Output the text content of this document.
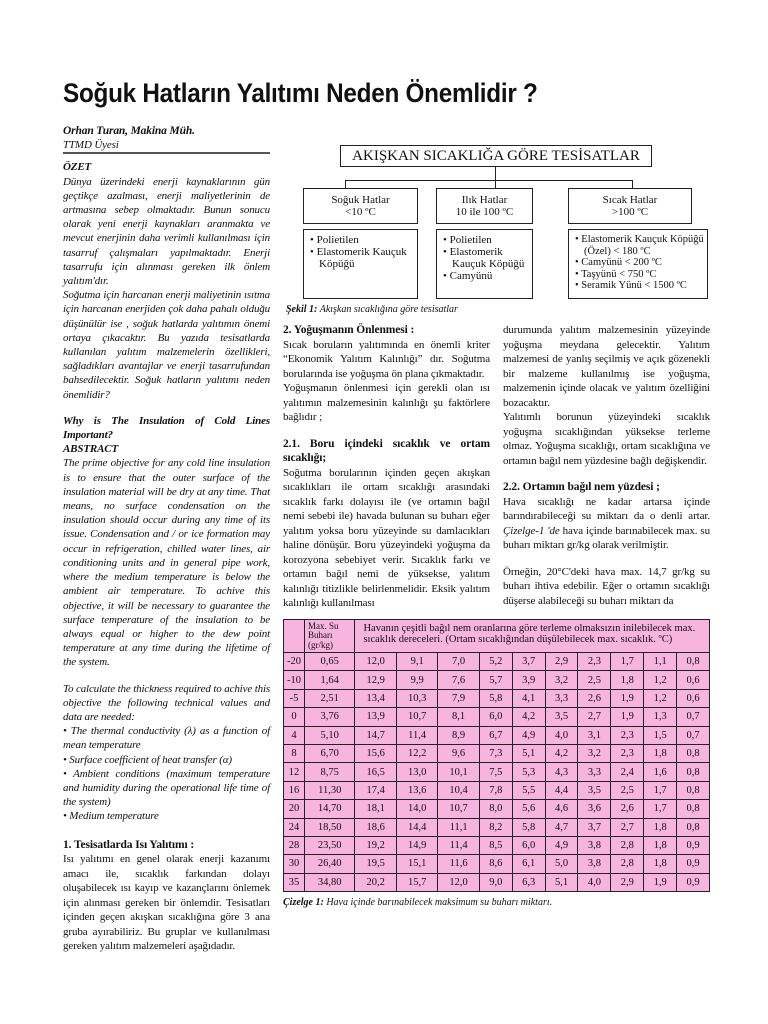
Soğuk Hatların Yalıtımı Neden Önemlidir ?

Orhan Turan, Makina Müh.

TTMD Üyesi

ÖZET

Dünya üzerindeki enerji kaynaklarının gün geçtikçe azalması, enerji maliyetlerinin de artmasına sebep olmaktadır. Bunun sonucu olarak yeni enerji kaynakları aranmakta ve mevcut enerjinin daha verimli kullanılması için tasarruf çalışmaları yapılmaktadır. Enerji tasarrufu için alınması gereken ilk önlem yalıtım'dır.

Soğutma için harcanan enerji maliyetinin ısıtma için harcanan enerjiden çok daha pahalı olduğu düşünülür ise , soğuk hatlarda yalıtımın önemi ortaya çıkacaktır. Bu yazıda tesisatlarda kullanılan yalıtım malzemelerin özellikleri, sağladıkları avantajlar ve enerji tasarrufundan bahsedilecektir. Soğuk hatların yalıtımı neden önemlidir?

Why is The Insulation of Cold Lines Important?

ABSTRACT

The prime objective for any cold line insulation is to ensure that the outer surface of the insulation material will be dry at any time. That means, no surface condensation on the insulation should occur during any time of its issue. Condensation and / or ice formation may occur in refrigeration, chilled water lines, air conditioning units and in general pipe work, where the medium temperature is below the ambient air temperature. To achive this objective, it will be necessary to guarantee the surface temperature of the insulation to be always equal or higher to the dew point temperature at any time during the lifetime of the system.

To calculate the thickness required to achive this objective the following technical values and data are needed:

• The thermal conductivity (λ) as a function of mean temperature

• Surface coefficient of heat transfer (α)

• Ambient conditions (maximum temperature and humidity during the operational life time of the system)

• Medium temperature

1. Tesisatlarda Isı Yalıtımı :

Isı yalıtımı en genel olarak enerji kazanımı amacı ile, sıcaklık farkından dolayı oluşabilecek ısı kayıp ve kazançlarını önlemek için alınması gereken bir önlemdir. Tesisatları içinden geçen akışkan sıcaklığına göre 3 ana gruba ayırabiliriz. Bu gruplar ve kullanılması gereken yalıtım malzemeleri aşağıdadır.

AKIŞKAN SICAKLIĞA GÖRE TESİSATLAR
Soğuk Hatlar
<10 ºC
Ilık Hatlar
10 ile 100 ºC
Sıcak Hatlar
>100 ºC
• Polietilen
• Elastomerik Kauçuk Köpüğü
• Polietilen
• Elastomerik Kauçuk Köpüğü
• Camyünü
• Elastomerik Kauçuk Köpüğü (Özel) < 180 ºC
• Camyünü < 200 ºC
• Taşyünü < 750 ºC
• Seramik Yünü < 1500 ºC
Şekil 1: Akışkan sıcaklığına göre tesisatlar
2. Yoğuşmanın Önlenmesi :

Sıcak boruların yalıtımında en önemli kriter “Ekonomik Yalıtım Kalınlığı” dır. Soğutma borularında ise yoğuşma ön plana çıkmaktadır.

Yoğuşmanın önlenmesi için gerekli olan ısı yalıtımın malzemesinin kalınlığı şu faktörlere bağlıdır ;

2.1. Boru içindeki sıcaklık ve ortam sıcaklığı;

Soğutma borularının içinden geçen akışkan sıcaklıkları ile ortam sıcaklığı arasındaki sıcaklık farkı dolayısı ile (ve ortamın bağıl nemi sebebi ile) havada bulunan su buharı eğer yalıtım yoksa boru yüzeyinde su damlacıkları haline dönüşür. Boru yüzeyindeki yoğuşma da korozyona sebebiyet verir. Sıcaklık farkı ve ortamın bağıl nemi de yüksekse, yalıtım kalınlığı titizlikle belirlenmelidir. Eksik yalıtım kalınlığı kullanılması

durumunda yalıtım malzemesinin yüzeyinde yoğuşma meydana gelecektir. Yalıtım malzemesi de yanlış seçilmiş ve açık gözenekli bir malzeme kullanılmış ise yoğuşma, malzemenin içinde olacak ve yalıtım özelliğini bozacaktır.

Yalıtımlı borunun yüzeyindeki sıcaklık yoğuşma sıcaklığından yüksekse terleme olmaz. Yoğuşma sıcaklığı, ortam sıcaklığına ve ortamın bağıl nem yüzdesine bağlı değişkendir.

2.2. Ortamın bağıl nem yüzdesi ;

Hava sıcaklığı ne kadar artarsa içinde barındırabileceği su miktarı da o denli artar. Çizelge-1 'de hava içinde barınabilecek max. su buharı miktarı gr/kg olarak verilmiştir.

Örneğin, 20°C'deki hava max. 14,7 gr/kg su buharı ihtiva edebilir. Eğer o ortamın sıcaklığı düşerse alabileceği su buharı miktarı da

	Max. Su Buharı (gr/kg)	Havanın çeşitli bağıl nem oranlarına göre terleme olmaksızın inilebilecek max. sıcaklık dereceleri. (Ortam sıcaklığından düşülebilecek max. sıcaklık. ºC)									
-20	0,65	12,0	9,1	7,0	5,2	3,7	2,9	2,3	1,7	1,1	0,8
-10	1,64	12,9	9,9	7,6	5,7	3,9	3,2	2,5	1,8	1,2	0,6
-5	2,51	13,4	10,3	7,9	5,8	4,1	3,3	2,6	1,9	1,2	0,6
0	3,76	13,9	10,7	8,1	6,0	4,2	3,5	2,7	1,9	1,3	0,7
4	5,10	14,7	11,4	8,9	6,7	4,9	4,0	3,1	2,3	1,5	0,7
8	6,70	15,6	12,2	9,6	7,3	5,1	4,2	3,2	2,3	1,8	0,8
12	8,75	16,5	13,0	10,1	7,5	5,3	4,3	3,3	2,4	1,6	0,8
16	11,30	17,4	13,6	10,4	7,8	5,5	4,4	3,5	2,5	1,7	0,8
20	14,70	18,1	14,0	10,7	8,0	5,6	4,6	3,6	2,6	1,7	0,8
24	18,50	18,6	14,4	11,1	8,2	5,8	4,7	3,7	2,7	1,8	0,8
28	23,50	19,2	14,9	11,4	8,5	6,0	4,9	3,8	2,8	1,8	0,9
30	26,40	19,5	15,1	11,6	8,6	6,1	5,0	3,8	2,8	1,8	0,9
35	34,80	20,2	15,7	12,0	9,0	6,3	5,1	4,0	2,9	1,9	0,9
Çizelge 1: Hava içinde barınabilecek maksimum su buharı miktarı.
